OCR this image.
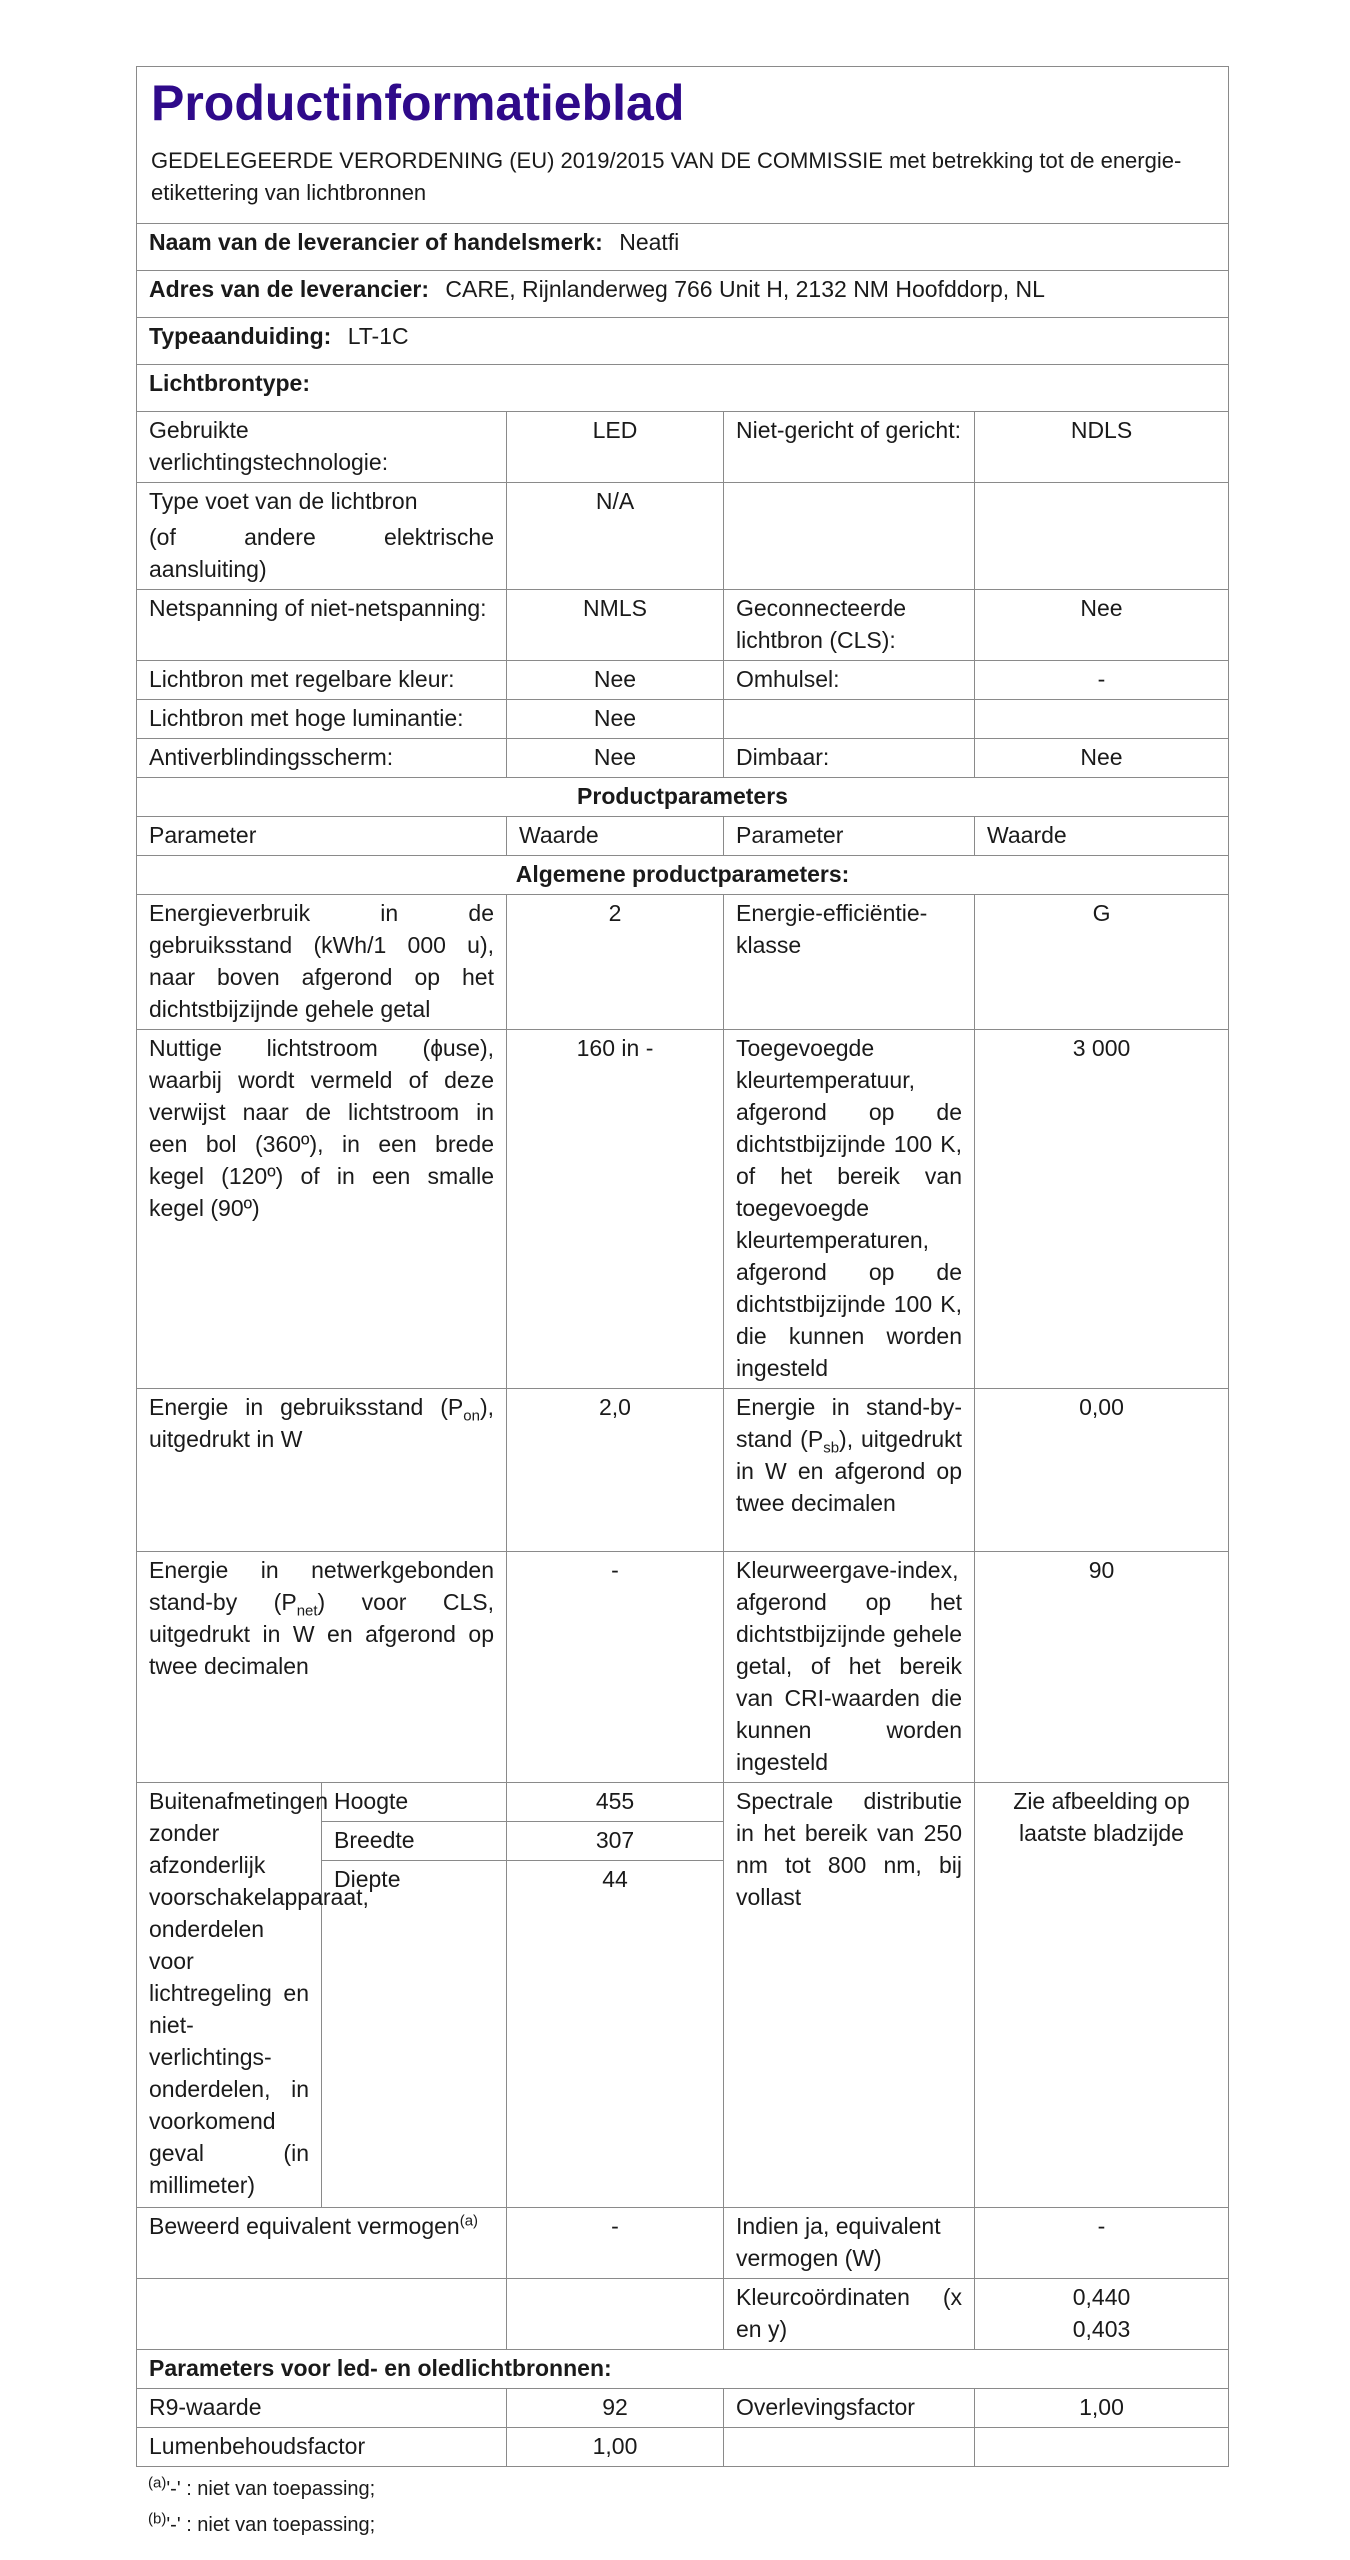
Productinformatieblad
GEDELEGEERDE VERORDENING (EU) 2019/2015 VAN DE COMMISSIE met betrekking tot de energie-etikettering van lichtbronnen				

Naam van de leverancier of handelsmerk: Neatfi				
Adres van de leverancier: CARE, Rijnlanderweg 766 Unit H, 2132 NM Hoofddorp, NL				
Typeaanduiding: LT-1C				
Lichtbrontype:				
Gebruikte verlichtingstechnologie:		LED	Niet-gericht of gericht:	NDLS

Type voet van de lichtbron
(of andere elektrische aansluiting)		N/A		
Netspanning of niet-netspanning:		NMLS	Geconnecteerde lichtbron (CLS):	Nee
Lichtbron met regelbare kleur:		Nee	Omhulsel:	-
Lichtbron met hoge luminantie:		Nee		
Antiverblindingsscherm:		Nee	Dimbaar:	Nee
Productparameters				
Parameter		Waarde	Parameter	Waarde
Algemene productparameters:				
Energieverbruik in de gebruiksstand (kWh/1 000 u), naar boven afgerond op het dichtstbijzijnde gehele getal		2	Energie-efficiëntie-klasse	G
Nuttige lichtstroom (ɸuse), waarbij wordt vermeld of deze verwijst naar de lichtstroom in een bol (360º), in een brede kegel (120º) of in een smalle kegel (90º)		160 in -	Toegevoegde kleurtemperatuur, afgerond op de dichtstbijzijnde 100 K, of het bereik van toegevoegde kleurtemperaturen, afgerond op de dichtstbijzijnde 100 K, die kunnen worden ingesteld	3 000
Energie in gebruiksstand $(P_{on})$, uitgedrukt in W		2,0	Energie in stand-by-stand $(P_{sb})$, uitgedrukt in W en afgerond op twee decimalen	0,00
Energie in netwerkgebonden stand-by $(P_{net})$ voor CLS, uitgedrukt in W en afgerond op twee decimalen		-	Kleurweergave-index, afgerond op het dichtstbijzijnde gehele getal, of het bereik van CRI-waarden die kunnen worden ingesteld	90
Buitenafmetingen zonder afzonderlijk voorschakelapparaat, onderdelen voor lichtregeling en niet-verlichtings-onderdelen, in voorkomend geval (in millimeter)	Hoogte	455	Spectrale distributie in het bereik van 250 nm tot 800 nm, bij vollast	Zie afbeelding op laatste bladzijde
	Breedte	307		
	Diepte	44		
Beweerd equivalent vermogen$^{(a)}$		-	Indien ja, equivalent vermogen (W)	-
			Kleurcoördinaten (x en y)	0,440
0,403

Parameters voor led- en oledlichtbronnen:				
R9-waarde		92	Overlevingsfactor	1,00
Lumenbehoudsfactor		1,00		
$^{(a)}$'-' : niet van toepassing;
$^{(b)}$'-' : niet van toepassing;
